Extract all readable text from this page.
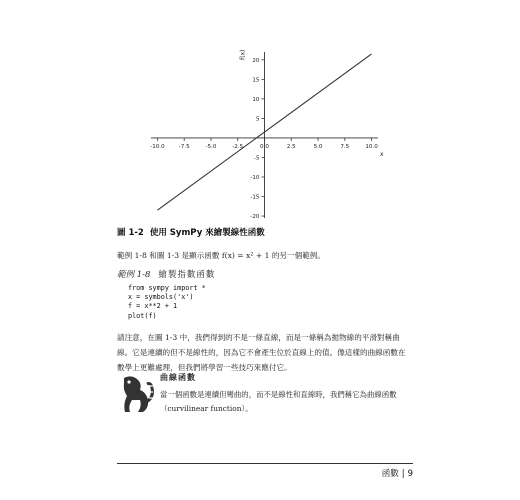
-10.0	-7.5	-5.0	-2.5	0.0	2.5	5.0	7.5	10.0
-20
-15
-10
-5
5
10
15
20
f(x)
x
圖 1-2 使用 SymPy 來繪製線性函數
範例 1-8 和圖 1-3 是顯示函數 f(x) = x² + 1 的另一個範例。
範例 1-8 繪製指數函數
from sympy import *
x = symbols('x')
f = x**2 + 1
plot(f)
請注意，在圖 1-3 中，我們得到的不是一條直線，而是一條稱為拋物線的平滑對稱曲線。它是連續的但不是線性的，因為它不會產生位於直線上的值。像這樣的曲線函數在數學上更難處理，但我們將學習一些技巧來應付它。
曲線函數
當一個函數是連續但彎曲的，而不是線性和直線時，我們稱它為曲線函數（curvilinear function）。
函數 | 9
